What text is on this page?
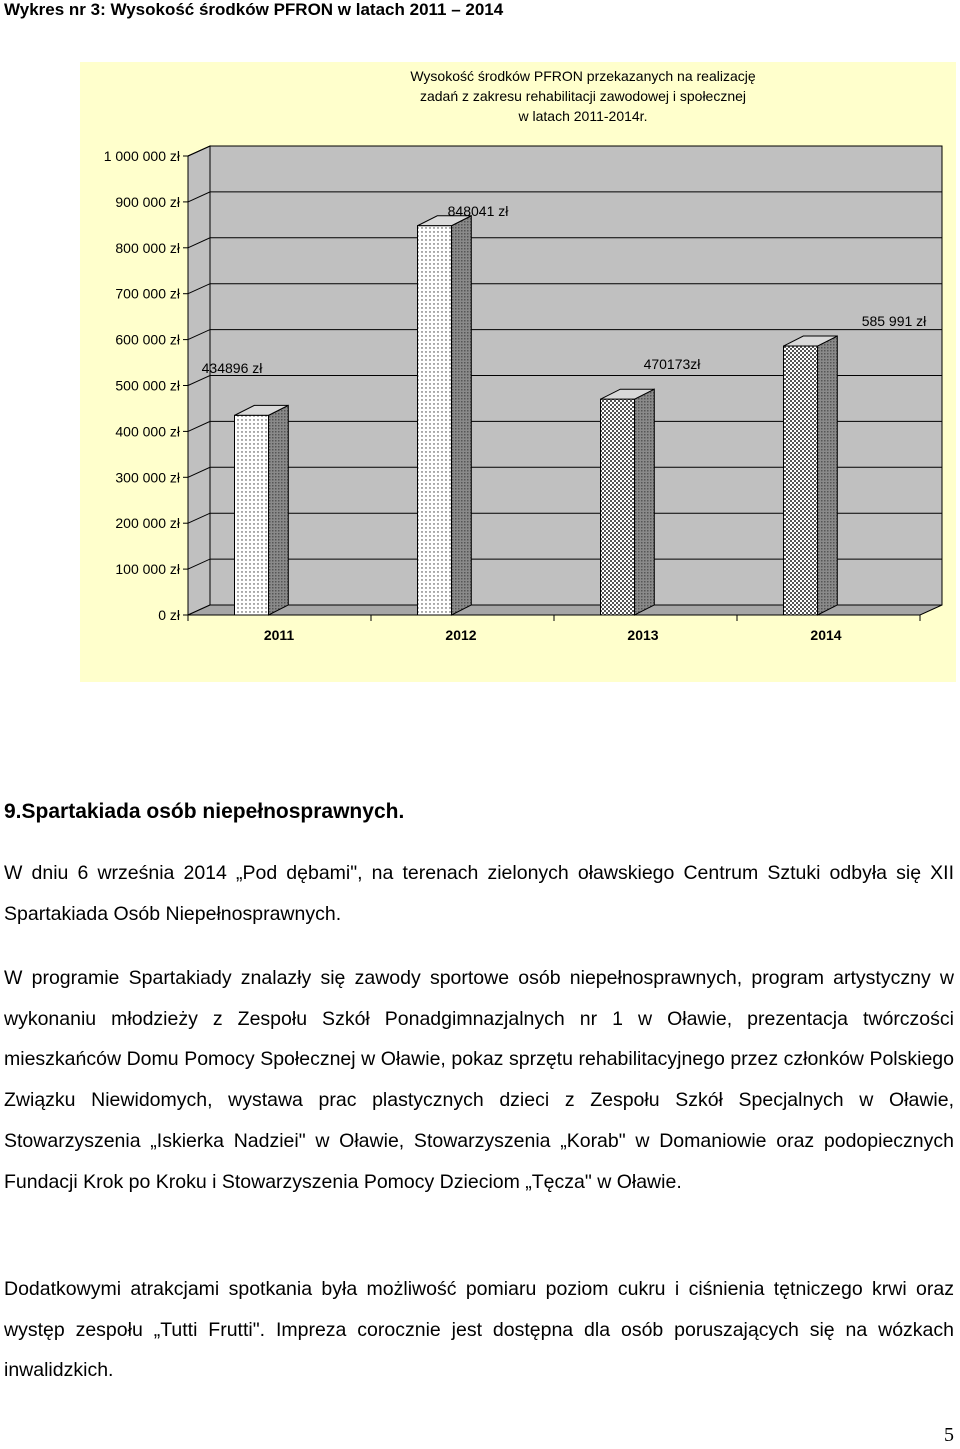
Wykres nr 3: Wysokość środków PFRON w latach 2011 – 2014
Wysokość środków PFRON przekazanych na realizację
zadań z zakresu rehabilitacji zawodowej i społecznej
w latach 2011-2014r.
0 zł
100 000 zł
200 000 zł
300 000 zł
400 000 zł
500 000 zł
600 000 zł
700 000 zł
800 000 zł
900 000 zł
1 000 000 zł
434896 zł
848041 zł
470173zł
585 991 zł
2011	2012	2013	2014
9.Spartakiada osób niepełnosprawnych.
W dniu 6 września 2014 „Pod dębami", na terenach zielonych oławskiego Centrum Sztuki odbyła się XII Spartakiada Osób Niepełnosprawnych.
W programie Spartakiady znalazły się zawody sportowe osób niepełnosprawnych, program artystyczny w wykonaniu młodzieży z Zespołu Szkół Ponadgimnazjalnych nr 1 w Oławie, prezentacja twórczości mieszkańców Domu Pomocy Społecznej w Oławie, pokaz sprzętu rehabilitacyjnego przez członków Polskiego Związku Niewidomych, wystawa prac plastycznych dzieci z Zespołu Szkół Specjalnych w Oławie, Stowarzyszenia „Iskierka Nadziei" w Oławie, Stowarzyszenia „Korab" w Domaniowie oraz podopiecznych Fundacji Krok po Kroku i Stowarzyszenia Pomocy Dzieciom „Tęcza" w Oławie.
Dodatkowymi atrakcjami spotkania była możliwość pomiaru poziom cukru i ciśnienia tętniczego krwi oraz występ zespołu „Tutti Frutti". Impreza corocznie jest dostępna dla osób poruszających się na wózkach inwalidzkich.
5
